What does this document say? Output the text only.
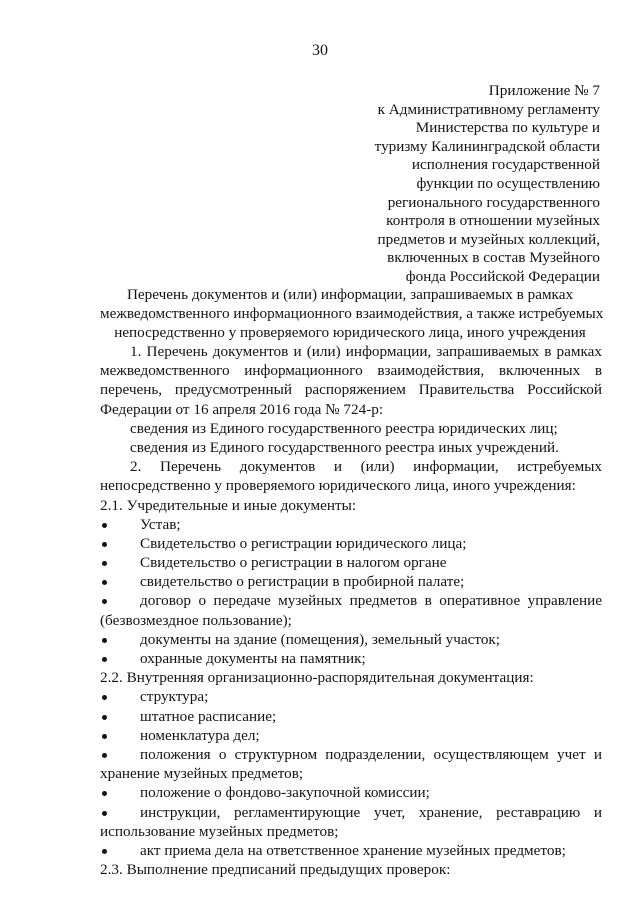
30
Приложение № 7
к Административному регламенту
Министерства по культуре и
туризму Калининградской области
исполнения государственной
функции по осуществлению
регионального государственного
контроля в отношении музейных
предметов и музейных коллекций,
включенных в состав Музейного
фонда Российской Федерации
Перечень документов и (или) информации, запрашиваемых в рамках
межведомственного информационного взаимодействия, а также истребуемых
непосредственно у проверяемого юридического лица, иного учреждения
1. Перечень документов и (или) информации, запрашиваемых в рамках
межведомственного информационного взаимодействия, включенных в
перечень, предусмотренный распоряжением Правительства Российской
Федерации от 16 апреля 2016 года № 724-р:
сведения из Единого государственного реестра юридических лиц;
сведения из Единого государственного реестра иных учреждений.
2. Перечень документов и (или) информации, истребуемых
непосредственно у проверяемого юридического лица, иного учреждения:
2.1. Учредительные и иные документы:
Устав;
Свидетельство о регистрации юридического лица;
Свидетельство о регистрации в налогом органе
свидетельство о регистрации в пробирной палате;
договор о передаче музейных предметов в оперативное управление
(безвозмездное пользование);
документы на здание (помещения), земельный участок;
охранные документы на памятник;
2.2. Внутренняя организационно-распорядительная документация:
структура;
штатное расписание;
номенклатура дел;
положения о структурном подразделении, осуществляющем учет и
хранение музейных предметов;
положение о фондово-закупочной комиссии;
инструкции, регламентирующие учет, хранение, реставрацию и
использование музейных предметов;
акт приема дела на ответственное хранение музейных предметов;
2.3. Выполнение предписаний предыдущих проверок:
